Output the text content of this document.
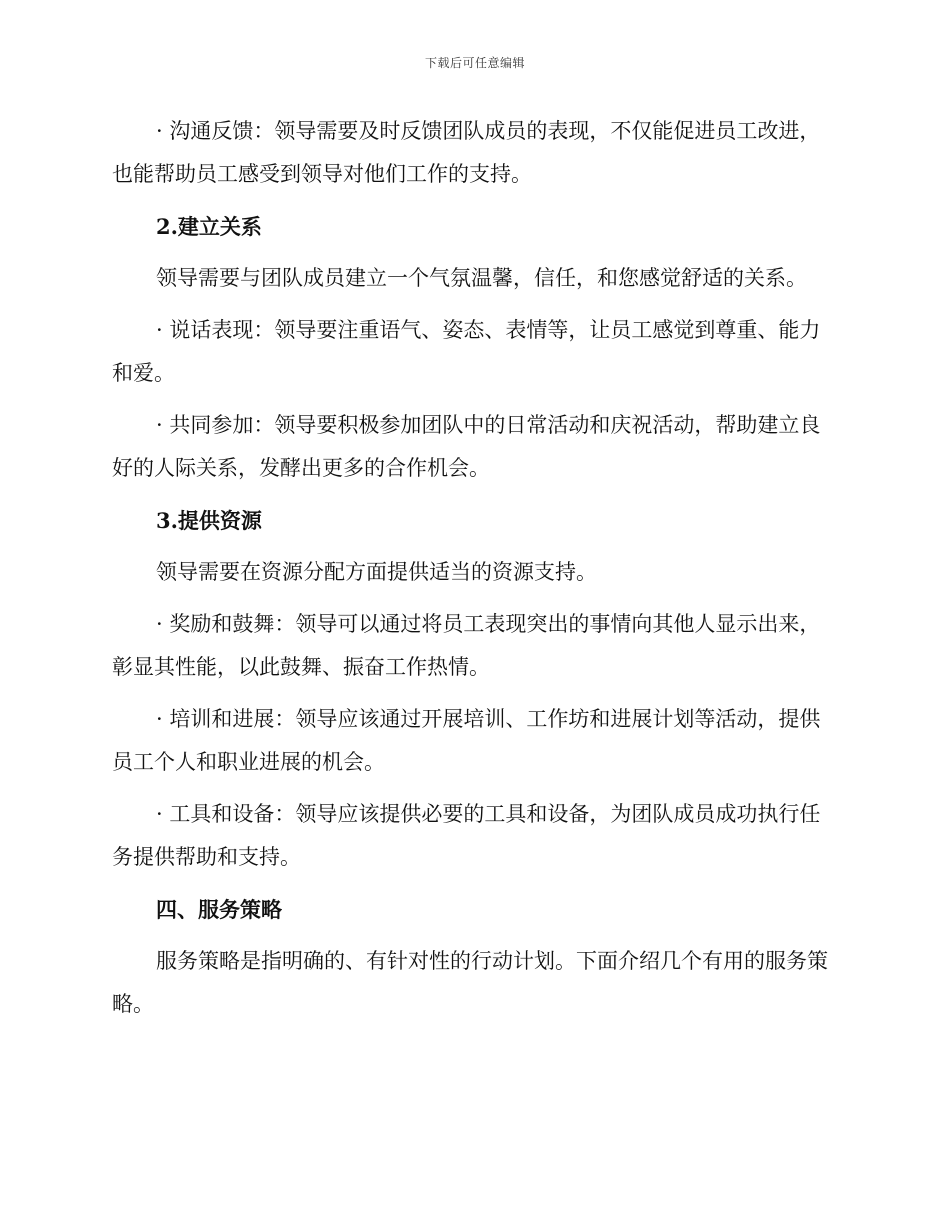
下载后可任意编辑

· 沟通反馈：领导需要及时反馈团队成员的表现，不仅能促进员工改进，也能帮助员工感受到领导对他们工作的支持。

2.建立关系

领导需要与团队成员建立一个气氛温馨，信任，和您感觉舒适的关系。

· 说话表现：领导要注重语气、姿态、表情等，让员工感觉到尊重、能力和爱。

· 共同参加：领导要积极参加团队中的日常活动和庆祝活动，帮助建立良好的人际关系，发酵出更多的合作机会。

3.提供资源

领导需要在资源分配方面提供适当的资源支持。

· 奖励和鼓舞：领导可以通过将员工表现突出的事情向其他人显示出来，彰显其性能，以此鼓舞、振奋工作热情。

· 培训和进展：领导应该通过开展培训、工作坊和进展计划等活动，提供员工个人和职业进展的机会。

· 工具和设备：领导应该提供必要的工具和设备，为团队成员成功执行任务提供帮助和支持。

四、服务策略

服务策略是指明确的、有针对性的行动计划。下面介绍几个有用的服务策略。
